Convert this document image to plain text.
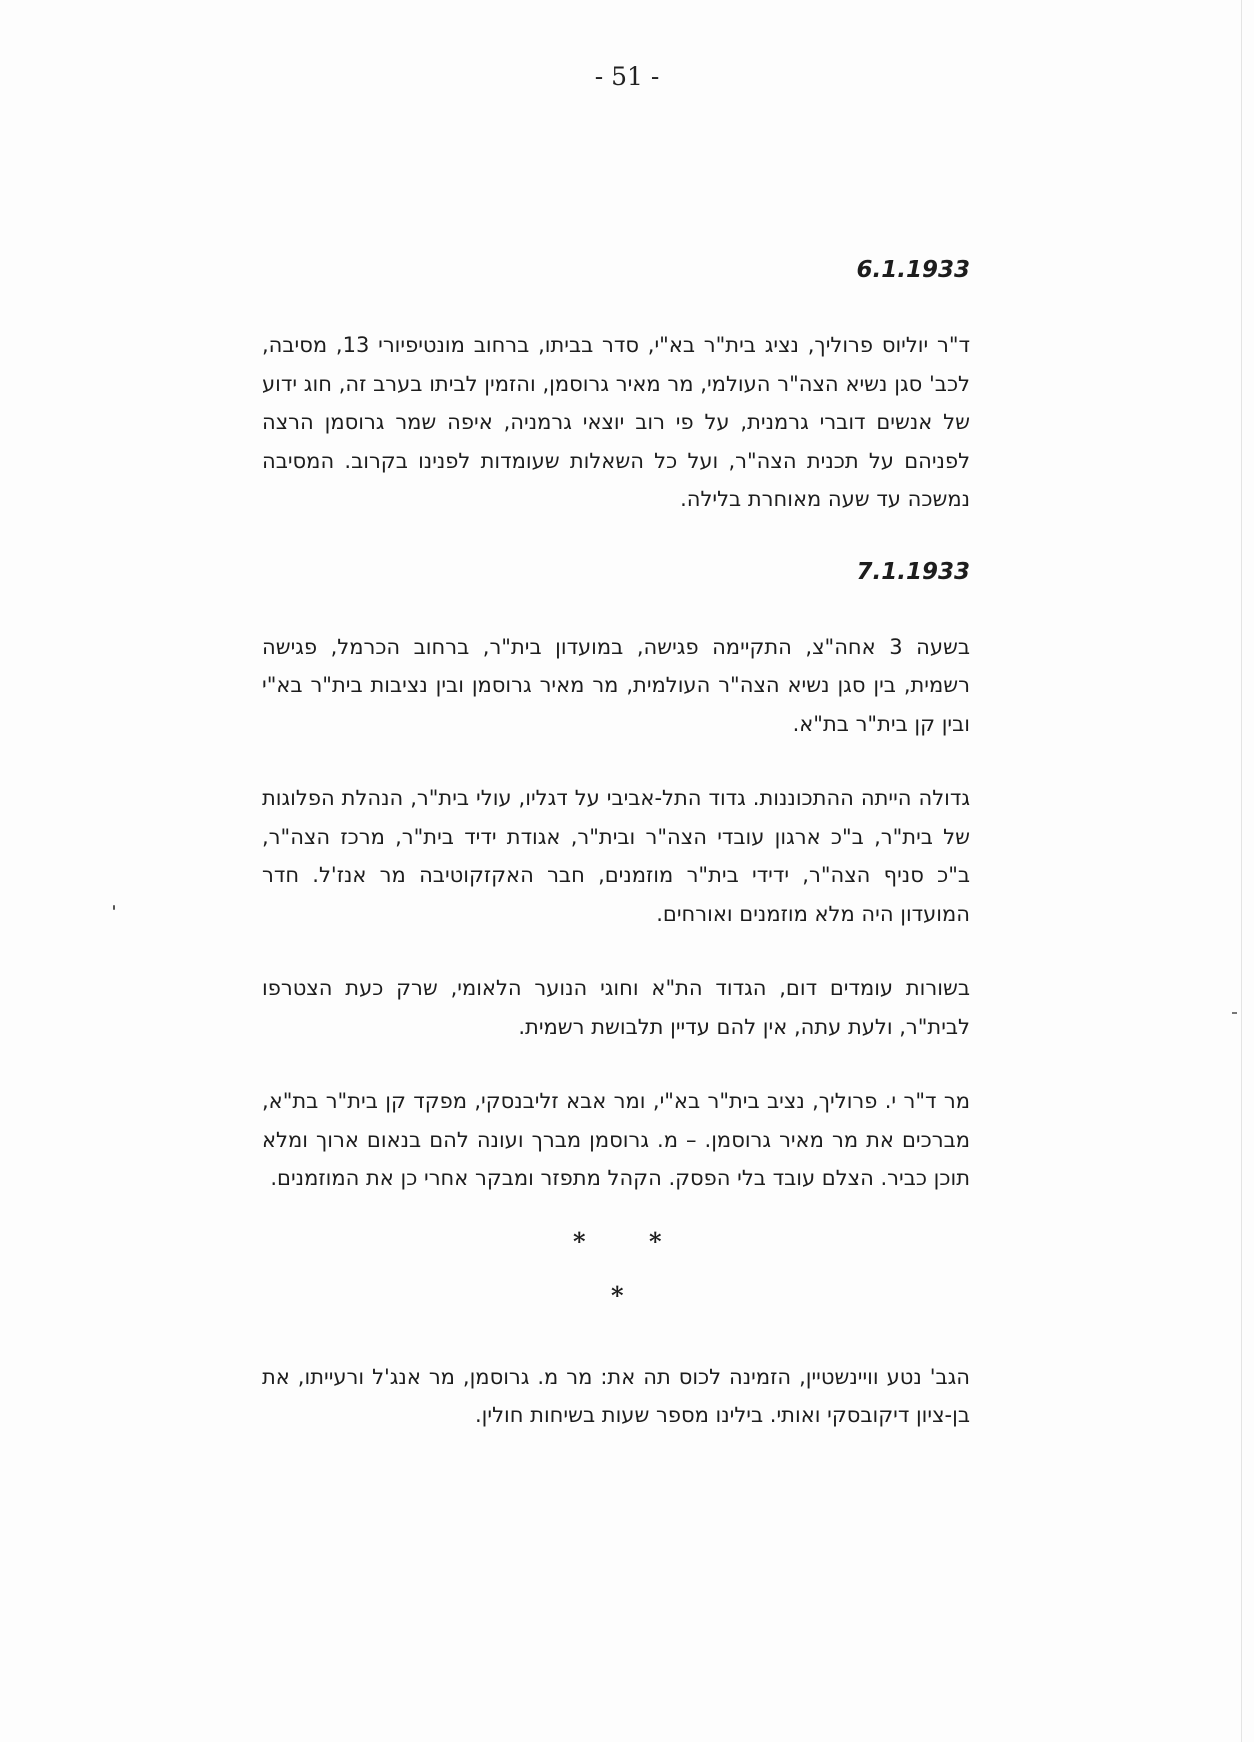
- 51 -
6.1.1933

ד"ר יוליוס פרוליך, נציג בית"ר בא"י, סדר בביתו, ברחוב מונטיפיורי 13, מסיבה, לכב' סגן נשיא הצה"ר העולמי, מר מאיר גרוסמן, והזמין לביתו בערב זה, חוג ידוע של אנשים דוברי גרמנית, על פי רוב יוצאי גרמניה, איפה שמר גרוסמן הרצה לפניהם על תכנית הצה"ר, ועל כל השאלות שעומדות לפנינו בקרוב. המסיבה נמשכה עד שעה מאוחרת בלילה.

7.1.1933

בשעה 3 אחה"צ, התקיימה פגישה, במועדון בית"ר, ברחוב הכרמל, פגישה רשמית, בין סגן נשיא הצה"ר העולמית, מר מאיר גרוסמן ובין נציבות בית"ר בא"י ובין קן בית"ר בת"א.

גדולה הייתה ההתכוננות. גדוד התל-אביבי על דגליו, עולי בית"ר, הנהלת הפלוגות של בית"ר, ב"כ ארגון עובדי הצה"ר ובית"ר, אגודת ידיד בית"ר, מרכז הצה"ר, ב"כ סניף הצה"ר, ידידי בית"ר מוזמנים, חבר האקזקוטיבה מר אנז'ל. חדר המועדון היה מלא מוזמנים ואורחים.

בשורות עומדים דום, הגדוד הת"א וחוגי הנוער הלאומי, שרק כעת הצטרפו לבית"ר, ולעת עתה, אין להם עדיין תלבושת רשמית.

מר ד"ר י. פרוליך, נציב בית"ר בא"י, ומר אבא זליבנסקי, מפקד קן בית"ר בת"א, מברכים את מר מאיר גרוסמן. – מ. גרוסמן מברך ועונה להם בנאום ארוך ומלא תוכן כביר. הצלם עובד בלי הפסק. הקהל מתפזר ומבקר אחרי כן את המוזמנים.

*
*
*

הגב' נטע וויינשטיין, הזמינה לכוס תה את: מר מ. גרוסמן, מר אנג'ל ורעייתו, את בן-ציון דיקובסקי ואותי. בילינו מספר שעות בשיחות חולין.
